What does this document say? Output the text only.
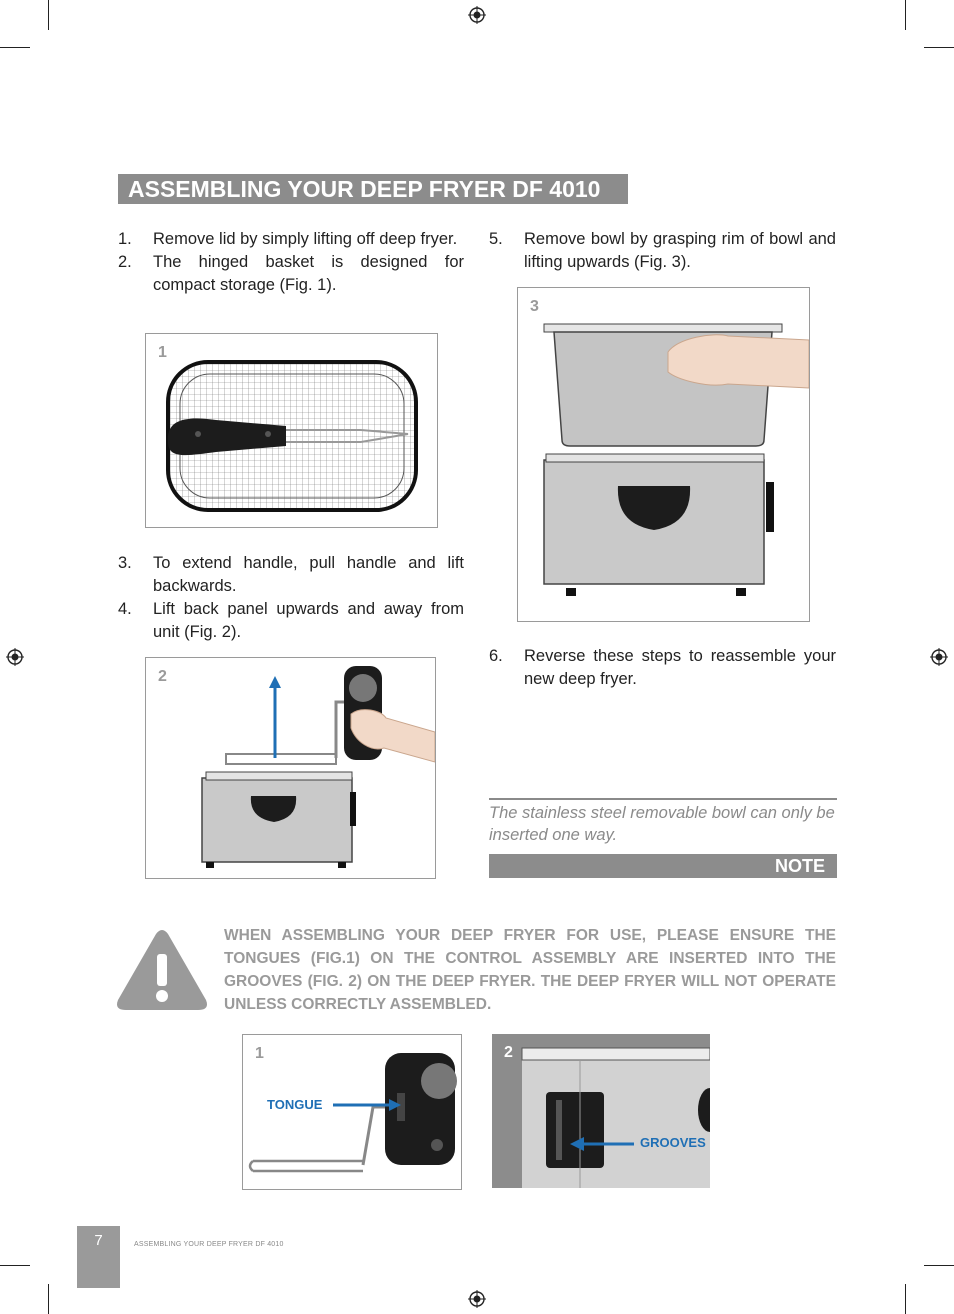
ASSEMBLING YOUR DEEP FRYER DF 4010
1. Remove lid by simply lifting off deep fryer.
2. The hinged basket is designed for compact storage (Fig. 1).
1
3. To extend handle, pull handle and lift backwards.
4. Lift back panel upwards and away from unit (Fig. 2).
2
5. Remove bowl by grasping rim of bowl and lifting upwards (Fig. 3).
3
6. Reverse these steps to reassemble your new deep fryer.
The stainless steel removable bowl can only be inserted one way.
NOTE
WHEN ASSEMBLING YOUR DEEP FRYER FOR USE, PLEASE ENSURE THE TONGUES (FIG.1) ON THE CONTROL ASSEMBLY ARE INSERTED INTO THE GROOVES (FIG. 2) ON THE DEEP FRYER. THE DEEP FRYER WILL NOT OPERATE UNLESS CORRECTLY ASSEMBLED.
1
TONGUE
2
GROOVES
7	ASSEMBLING YOUR DEEP FRYER DF 4010
